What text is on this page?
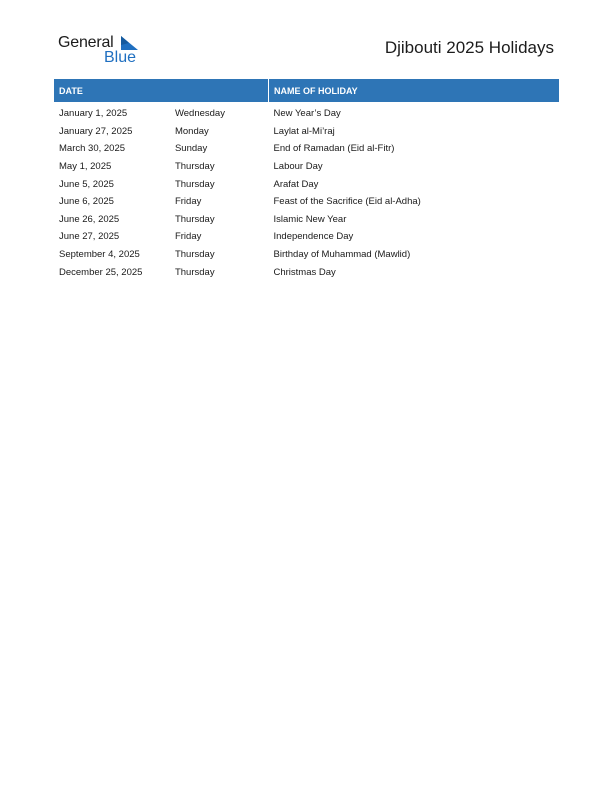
General
Blue
Djibouti 2025 Holidays
DATE		NAME OF HOLIDAY
January 1, 2025	Wednesday	New Year’s Day
January 27, 2025	Monday	Laylat al-Mi’raj
March 30, 2025	Sunday	End of Ramadan (Eid al-Fitr)
May 1, 2025	Thursday	Labour Day
June 5, 2025	Thursday	Arafat Day
June 6, 2025	Friday	Feast of the Sacrifice (Eid al-Adha)
June 26, 2025	Thursday	Islamic New Year
June 27, 2025	Friday	Independence Day
September 4, 2025	Thursday	Birthday of Muhammad (Mawlid)
December 25, 2025	Thursday	Christmas Day
